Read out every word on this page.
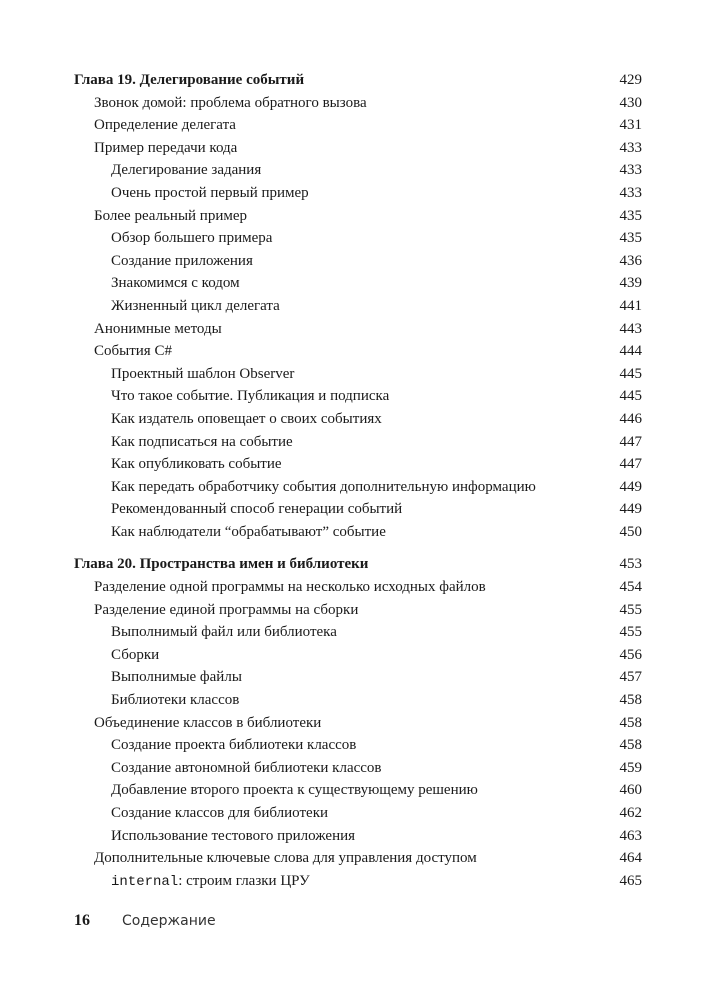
Глава 19. Делегирование событий	429
Звонок домой: проблема обратного вызова	430
Определение делегата	431
Пример передачи кода	433
Делегирование задания	433
Очень простой первый пример	433
Более реальный пример	435
Обзор большего примера	435
Создание приложения	436
Знакомимся с кодом	439
Жизненный цикл делегата	441
Анонимные методы	443
События C#	444
Проектный шаблон Observer	445
Что такое событие. Публикация и подписка	445
Как издатель оповещает о своих событиях	446
Как подписаться на событие	447
Как опубликовать событие	447
Как передать обработчику события дополнительную информацию	449
Рекомендованный способ генерации событий	449
Как наблюдатели “обрабатывают” событие	450
Глава 20. Пространства имен и библиотеки	453
Разделение одной программы на несколько исходных файлов	454
Разделение единой программы на сборки	455
Выполнимый файл или библиотека	455
Сборки	456
Выполнимые файлы	457
Библиотеки классов	458
Объединение классов в библиотеки	458
Создание проекта библиотеки классов	458
Создание автономной библиотеки классов	459
Добавление второго проекта к существующему решению	460
Создание классов для библиотеки	462
Использование тестового приложения	463
Дополнительные ключевые слова для управления доступом	464
internal: строим глазки ЦРУ	465
16	Содержание
